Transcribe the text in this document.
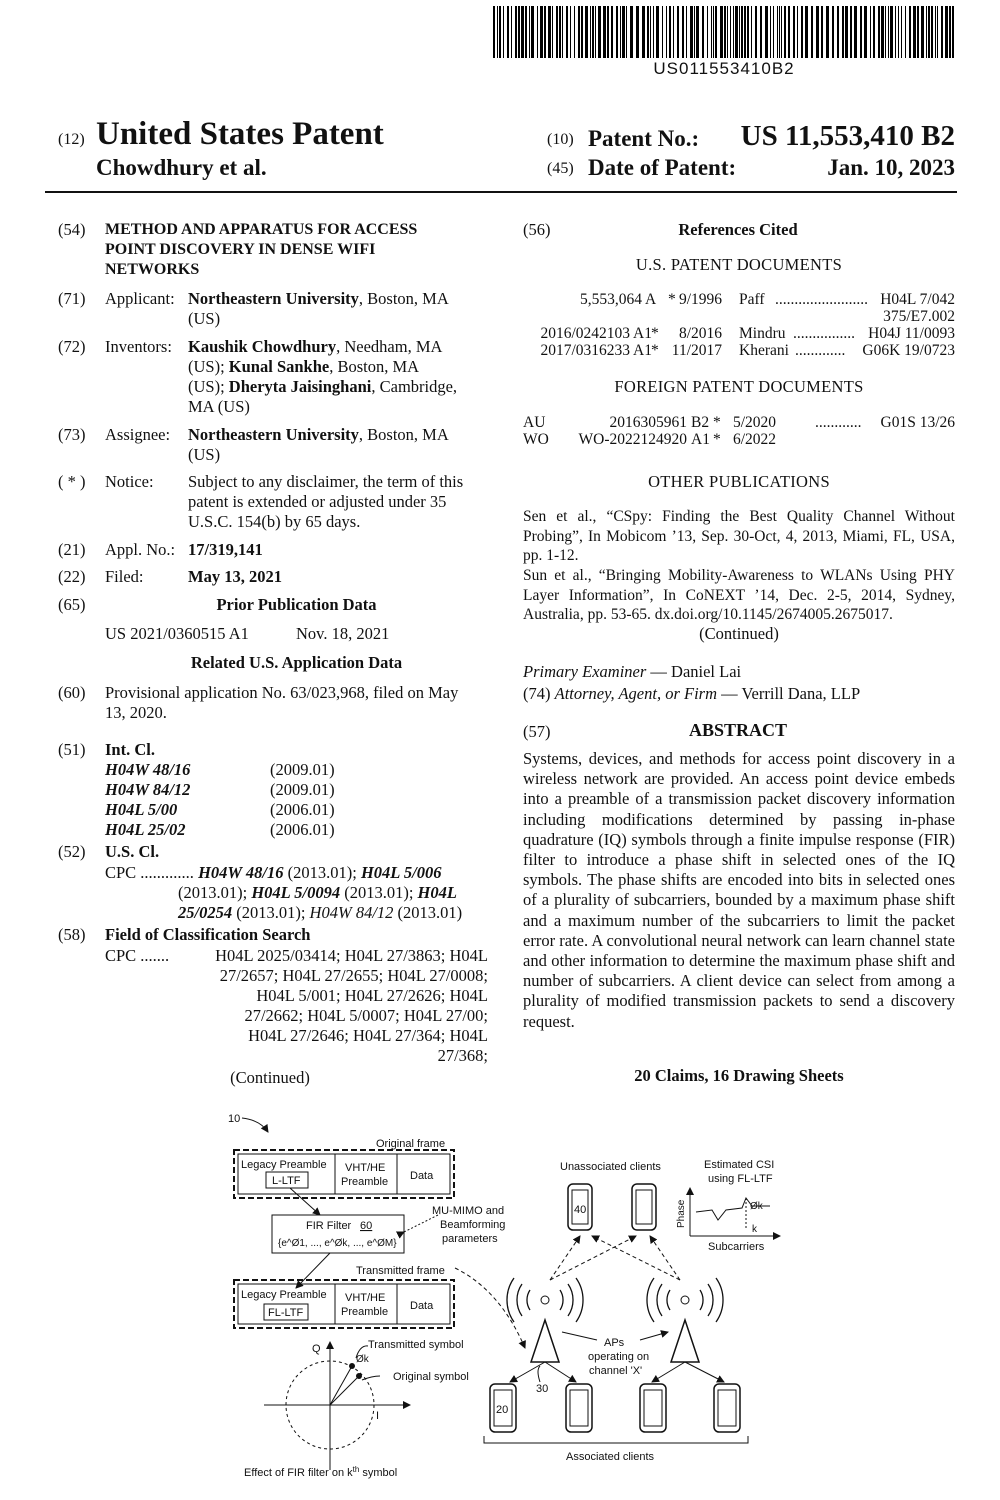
US011553410B2
(12) United States Patent
Chowdhury et al.
(10) Patent No.:	US 11,553,410 B2
(45) Date of Patent:	Jan. 10, 2023
(54)	METHOD AND APPARATUS FOR ACCESS
POINT DISCOVERY IN DENSE WIFI
NETWORKS
(71)	Applicant: Northeastern University, Boston, MA
(US)
(72)	Inventors: Kaushik Chowdhury, Needham, MA
(US); Kunal Sankhe, Boston, MA
(US); Dheryta Jaisinghani, Cambridge,
MA (US)
(73)	Assignee: Northeastern University, Boston, MA
(US)
( * )	Notice: Subject to any disclaimer, the term of this
patent is extended or adjusted under 35
U.S.C. 154(b) by 65 days.
(21)	Appl. No.: 17/319,141
(22)	Filed:	May 13, 2021
(65)	Prior Publication Data
US 2021/0360515 A1	Nov. 18, 2021
Related U.S. Application Data
(60)	Provisional application No. 63/023,968, filed on May
13, 2020.
(51)	Int. Cl.
H04W 48/16	(2009.01)
H04W 84/12	(2009.01)
H04L 5/00	(2006.01)
H04L 25/02	(2006.01)
(52)	U.S. Cl.
CPC ............. H04W 48/16 (2013.01); H04L 5/006
(2013.01); H04L 5/0094 (2013.01); H04L
25/0254 (2013.01); H04W 84/12 (2013.01)
(58)	Field of Classification Search
CPC .......	H04L 2025/03414; H04L 27/3863; H04L
27/2657; H04L 27/2655; H04L 27/0008;
H04L 5/001; H04L 27/2626; H04L
27/2662; H04L 5/0007; H04L 27/00;
H04L 27/2646; H04L 27/364; H04L
27/368;
(Continued)
(56)	References Cited
U.S. PATENT DOCUMENTS
5,553,064 A * 9/1996 Paff ........................ H04L 7/042
375/E7.002
2016/0242103 A1 * 8/2016 Mindru ................ H04J 11/0093
2017/0316233 A1 * 11/2017 Kherani ............. G06K 19/0723
FOREIGN PATENT DOCUMENTS
AU	2016305961 B2 * 5/2020	............ G01S 13/26
WO WO-2022124920 A1 * 6/2022
OTHER PUBLICATIONS
Sen et al., “CSpy: Finding the Best Quality Channel Without Probing”, In Mobicom ’13, Sep. 30-Oct, 4, 2013, Miami, FL, USA, pp. 1-12.
Sun et al., “Bringing Mobility-Awareness to WLANs Using PHY Layer Information”, In CoNEXT ’14, Dec. 2-5, 2014, Sydney, Australia, pp. 53-65. dx.doi.org/10.1145/2674005.2675017.
(Continued)
Primary Examiner — Daniel Lai
(74) Attorney, Agent, or Firm — Verrill Dana, LLP
(57)	ABSTRACT
Systems, devices, and methods for access point discovery in a wireless network are provided. An access point device embeds into a preamble of a transmission packet discovery information including modifications determined by passing in-phase quadrature (IQ) symbols through a finite impulse response (FIR) filter to introduce a phase shift in selected ones of the IQ symbols. The phase shifts are encoded into bits in selected ones of a plurality of subcarriers, bounded by a maximum phase shift and a maximum number of the subcarriers to limit the packet error rate. A convolutional neural network can learn channel state and other information to determine the maximum phase shift and number of subcarriers. A client device can select from among a plurality of modified transmission packets to send a discovery request.
20 Claims, 16 Drawing Sheets
10
Original frame
Legacy Preamble
L-LTF
VHT/HE
Preamble Data
FIR Filter 60
{e^Ø1, ..., e^Øk, ..., e^ØM}
MU-MIMO and
Beamforming
parameters
Transmitted frame
Legacy Preamble
FL-LTF
VHT/HE
Preamble Data
Q
I
Øk
Transmitted symbol
Original symbol
Effect of FIR filter on $k^{th}$ symbol
Unassociated clients
40
Estimated CSI
using FL-LTF
Phase
Subcarriers
Øk
k
APs
operating on
channel 'X'
30
20
Associated clients
